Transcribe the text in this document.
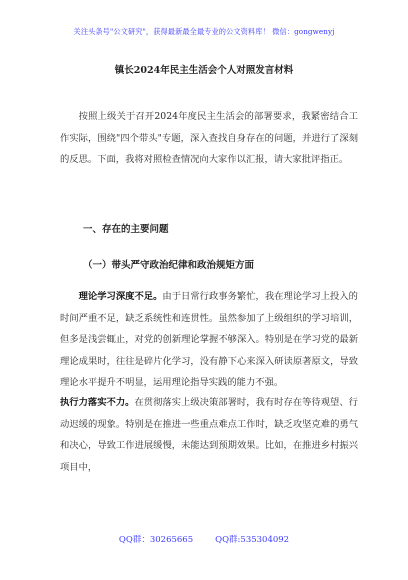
关注头条号"公文研究"，获得最新最全最专业的公文资料库！ 微信：gongwenyj
镇长2024年民主生活会个人对照发言材料
按照上级关于召开2024年度民主生活会的部署要求，我紧密结合工作实际，围绕"四个带头"专题，深入查找自身存在的问题，并进行了深刻的反思。下面，我将对照检查情况向大家作以汇报，请大家批评指正。
一、存在的主要问题
（一）带头严守政治纪律和政治规矩方面
理论学习深度不足。由于日常行政事务繁忙，我在理论学习上投入的时间严重不足，缺乏系统性和连贯性。虽然参加了上级组织的学习培训，但多是浅尝辄止，对党的创新理论掌握不够深入。特别是在学习党的最新理论成果时，往往是碎片化学习，没有静下心来深入研读原著原文，导致理论水平提升不明显，运用理论指导实践的能力不强。
执行力落实不力。在贯彻落实上级决策部署时，我有时存在等待观望、行动迟缓的现象。特别是在推进一些重点难点工作时，缺乏攻坚克难的勇气和决心，导致工作进展缓慢，未能达到预期效果。比如，在推进乡村振兴项目中，
QQ群：30265665	QQ群:535304092
